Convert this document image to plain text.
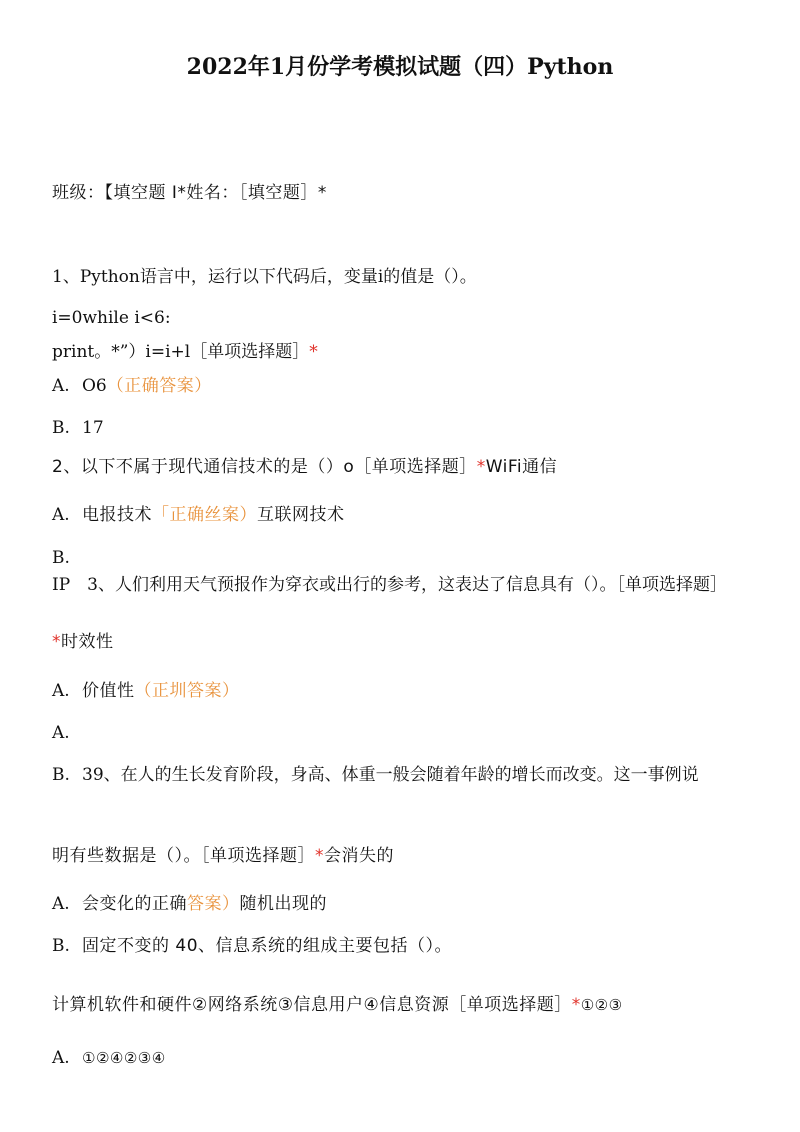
2022年1月份学考模拟试题（四）Python
班级：【填空题 I*姓名：［填空题］*
1、Python语言中，运行以下代码后，变量i的值是（）。
i=0while i<6:
print。*”）i=i+l［单项选择题］*
A. O6（正确答案）
B. 17
2、以下不属于现代通信技术的是（）o［单项选择题］*WiFi通信
A. 电报技术「正确丝案）互联网技术
B.IP　3、人们利用天气预报作为穿衣或出行的参考，这表达了信息具有（）。［单项选择题］
*时效性
A. 价值性（正圳答案）
A.
B. 39、在人的生长发育阶段，身高、体重一般会随着年龄的增长而改变。这一事例说
明有些数据是（）。［单项选择题］*会消失的
A. 会变化的正确答案）随机出现的
B. 固定不变的 40、信息系统的组成主要包括（）。
计算机软件和硬件②网络系统③信息用户④信息资源［单项选择题］*①②③
A. ①②④②③④
